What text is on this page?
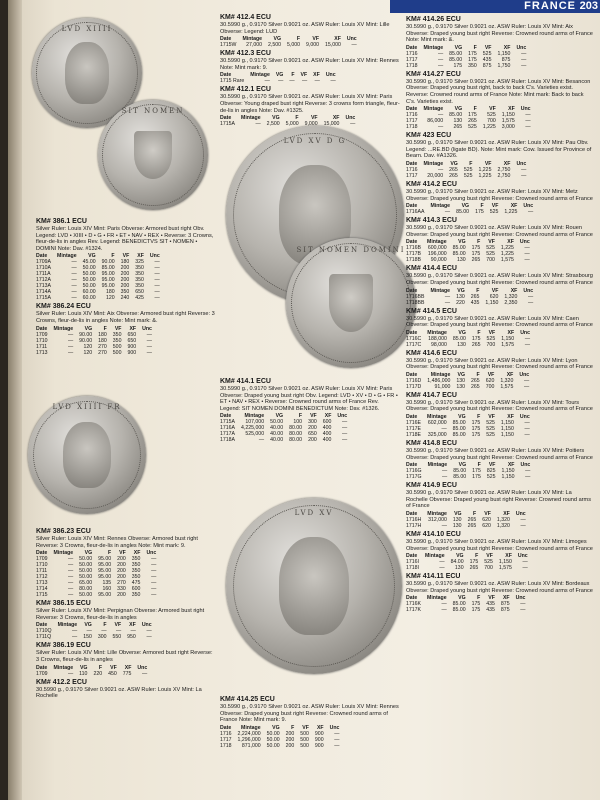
FRANCE 203
LVD XIIII
SIT NOMEN
LVD XV D G
SIT NOMEN DOMINI
LVD XIIII FR
LVD XV
KM# 386.1 ECU
Silver Ruler: Louis XIV Mint: Paris Obverse: Armored bust right Obv. Legend: LVD • XIIII • D • G • FR • ET • NAV • REX • Reverse: 3 Crowns, fleur-de-lis in angles Rev. Legend: BENEDICTVS SIT • NOMEN • DOMINI Note: Dav. #1324.
Date	Mintage	VG	F	VF	XF	Unc
1709A	—	45.00	90.00	180	325	—
1710A	—	50.00	85.00	200	350	—
1711A	—	50.00	95.00	200	350	—
1712A	—	50.00	95.00	200	350	—
1713A	—	50.00	95.00	200	350	—
1714A	—	60.00	180	350	650	—
1715A	—	60.00	120	240	425	—
KM# 386.24 ECU
Silver Ruler: Louis XIV Mint: Aix Obverse: Armored bust right Reverse: 3 Crowns, fleur-de-lis in angles Note: Mint mark: &.
Date	Mintage	VG	F	VF	XF	Unc
1709	—	90.00	180	350	650	—
1710	—	90.00	180	350	650	—
1711	—	120	270	500	900	—
1713	—	120	270	500	900	—
KM# 386.23 ECU
Silver Ruler: Louis XIV Mint: Rennes Obverse: Armored bust right Reverse: 3 Crowns, fleur-de-lis in angles Note: Mint mark: 9.
Date	Mintage	VG	F	VF	XF	Unc
1709	—	50.00	95.00	200	350	—
1710	—	50.00	95.00	200	350	—
1711	—	50.00	95.00	200	350	—
1712	—	50.00	95.00	200	350	—
1713	—	65.00	135	270	475	—
1714	—	80.00	160	330	600	—
1715	—	50.00	95.00	200	350	—
KM# 386.15 ECU
Silver Ruler: Louis XIV Mint: Perpignan Obverse: Armored bust right Reverse: 3 Crowns, fleur-de-lis in angles
Date	Mintage	VG	F	VF	XF	Unc
1710Q	—	—	—	—	—	—
1711Q	—	150	300	550	950	—
KM# 386.19 ECU
Silver Ruler: Louis XIV Mint: Lille Obverse: Armored bust right Reverse: 3 Crowns, fleur-de-lis in angles
Date	Mintage	VG	F	VF	XF	Unc
1709	—	110	220	450	775	—
KM# 412.2 ECU
30.5990 g., 0.9170 Silver 0.9021 oz. ASW Ruler: Louis XV Mint: La Rochelle
KM# 412.4 ECU
30.5990 g., 0.9170 Silver 0.9021 oz. ASW Ruler: Louis XV Mint: Lille Obverse: Legend: LUD
Date	Mintage	VG	F	VF	XF	Unc
1715W	27,000	2,500	5,000	9,000	15,000	—
KM# 412.3 ECU
30.5990 g., 0.9170 Silver 0.9021 oz. ASW Ruler: Louis XV Mint: Rennes Note: Mint mark: 9.
Date	Mintage	VG	F	VF	XF	Unc
1715 Rare	—	—	—	—	—	—
KM# 412.1 ECU
30.5990 g., 0.9170 Silver 0.9021 oz. ASW Ruler: Louis XV Mint: Paris Obverse: Young draped bust right Reverse: 3 crowns form triangle, fleur-de-lis in angles Note: Dav. #1325.
Date	Mintage	VG	F	VF	XF	Unc
1715A	—	2,500	5,000	9,000	15,000	—
KM# 414.1 ECU
30.5990 g., 0.9170 Silver 0.9021 oz. ASW Ruler: Louis XV Mint: Paris Obverse: Draped young bust right Obv. Legend: LVD • XV • D • G • FR • ET • NAV • REX • Reverse: Crowned round arms of France Rev. Legend: SIT NOMEN DOMINI BENEDICTUM Note: Dav. #1326.
Date	Mintage	VG	F	VF	XF	Unc
1715A	107,000	50.00	100	300	600	—
1716A	4,225,000	40.00	80.00	200	400	—
1717A	525,000	40.00	80.00	650	400	—
1718A	—	40.00	80.00	200	400	—
KM# 414.25 ECU
30.5990 g., 0.9170 Silver 0.9021 oz. ASW Ruler: Louis XV Mint: Rennes Obverse: Draped young bust right Reverse: Crowned round arms of France Note: Mint mark: 9.
Date	Mintage	VG	F	VF	XF	Unc
1716	2,224,000	50.00	200	500	900	—
1717	1,296,000	50.00	200	500	900	—
1718	871,000	50.00	200	500	900	—
KM# 414.26 ECU
30.5990 g., 0.9170 Silver 0.9021 oz. ASW Ruler: Louis XV Mint: Aix Obverse: Draped young bust right Reverse: Crowned round arms of France Note: Mint mark: &.
Date	Mintage	VG	F	VF	XF	Unc
1716	—	85.00	175	525	1,150	—
1717	—	85.00	175	435	875	—
1718	—	175	350	875	1,750	—
KM# 414.27 ECU
30.5990 g., 0.9170 Silver 0.9021 oz. ASW Ruler: Louis XV Mint: Besancon Obverse: Draped young bust right, back to back C's. Varieties exist. Reverse: Crowned round arms of France Note: Mint mark: Back to back C's. Varieties exist.
Date	Mintage	VG	F	VF	XF	Unc
1716	—	85.00	175	525	1,150	—
1717	86,000	130	265	700	1,575	—
1718	—	265	525	1,225	3,000	—
KM# 423 ECU
30.5990 g., 0.9170 Silver 0.9021 oz. ASW Ruler: Louis XV Mint: Pau Obv. Legend: ...RE.BD (ligate BD). Note: Mint mark: Cow. Issued for Province of Bearn. Dav. #A1326.
Date	Mintage	VG	F	VF	XF	Unc
1716	—	265	525	1,225	2,750	—
1717	20,000	265	525	1,225	2,750	—
KM# 414.2 ECU
30.5990 g., 0.9170 Silver 0.9021 oz. ASW Ruler: Louis XV Mint: Metz Obverse: Draped young bust right Reverse: Crowned round arms of France
Date	Mintage	VG	F	VF	XF	Unc
1716AA	—	85.00	175	525	1,225	—
KM# 414.3 ECU
30.5990 g., 0.9170 Silver 0.9021 oz. ASW Ruler: Louis XV Mint: Rouen Obverse: Draped young bust right Reverse: Crowned round arms of France
Date	Mintage	VG	F	VF	XF	Unc
1716B	600,000	85.00	175	525	1,225	—
1717B	196,000	85.00	175	525	1,225	—
1718B	90,000	130	265	700	1,575	—
KM# 414.4 ECU
30.5990 g., 0.9170 Silver 0.9021 oz. ASW Ruler: Louis XV Mint: Strasbourg Obverse: Draped young bust right Reverse: Crowned round arms of France
Date	Mintage	VG	F	VF	XF	Unc
1716BB	—	130	265	620	1,320	—
1718BB	—	220	435	1,150	2,350	—
KM# 414.5 ECU
30.5990 g., 0.9170 Silver 0.9021 oz. ASW Ruler: Louis XV Mint: Caen Obverse: Draped young bust right Reverse: Crowned round arms of France
Date	Mintage	VG	F	VF	XF	Unc
1716C	188,000	85.00	175	525	1,150	—
1717C	98,000	130	265	700	1,575	—
KM# 414.6 ECU
30.5990 g., 0.9170 Silver 0.9021 oz. ASW Ruler: Louis XV Mint: Lyon Obverse: Draped young bust right Reverse: Crowned round arms of France
Date	Mintage	VG	F	VF	XF	Unc
1716D	1,486,000	130	265	620	1,320	—
1717D	91,000	130	265	700	1,575	—
KM# 414.7 ECU
30.5990 g., 0.9170 Silver 0.9021 oz. ASW Ruler: Louis XV Mint: Tours Obverse: Draped young bust right Reverse: Crowned round arms of France
Date	Mintage	VG	F	VF	XF	Unc
1716E	602,000	85.00	175	525	1,150	—
1717E	—	85.00	175	525	1,150	—
1718E	325,000	85.00	175	525	1,150	—
KM# 414.8 ECU
30.5990 g., 0.9170 Silver 0.9021 oz. ASW Ruler: Louis XV Mint: Poitiers Obverse: Draped young bust right Reverse: Crowned round arms of France
Date	Mintage	VG	F	VF	XF	Unc
1716G	—	85.00	175	825	1,150	—
1717G	—	85.00	175	525	1,150	—
KM# 414.9 ECU
30.5990 g., 0.9170 Silver 0.9021 oz. ASW Ruler: Louis XV Mint: La Rochelle Obverse: Draped young bust right Reverse: Crowned round arms of France
Date	Mintage	VG	F	VF	XF	Unc
1716H	312,000	130	265	620	1,320	—
1717H	—	130	265	620	1,320	—
KM# 414.10 ECU
30.5990 g., 0.9170 Silver 0.9021 oz. ASW Ruler: Louis XV Mint: Limoges Obverse: Draped young bust right Reverse: Crowned round arms of France
Date	Mintage	VG	F	VF	XF	Unc
1716I	—	84.00	175	525	1,150	—
1718I	—	130	265	700	1,575	—
KM# 414.11 ECU
30.5990 g., 0.9170 Silver 0.9021 oz. ASW Ruler: Louis XV Mint: Bordeaux Obverse: Draped young bust right Reverse: Crowned round arms of France
Date	Mintage	VG	F	VF	XF	Unc
1716K	—	85.00	175	435	875	—
1717K	—	85.00	175	435	875	—
